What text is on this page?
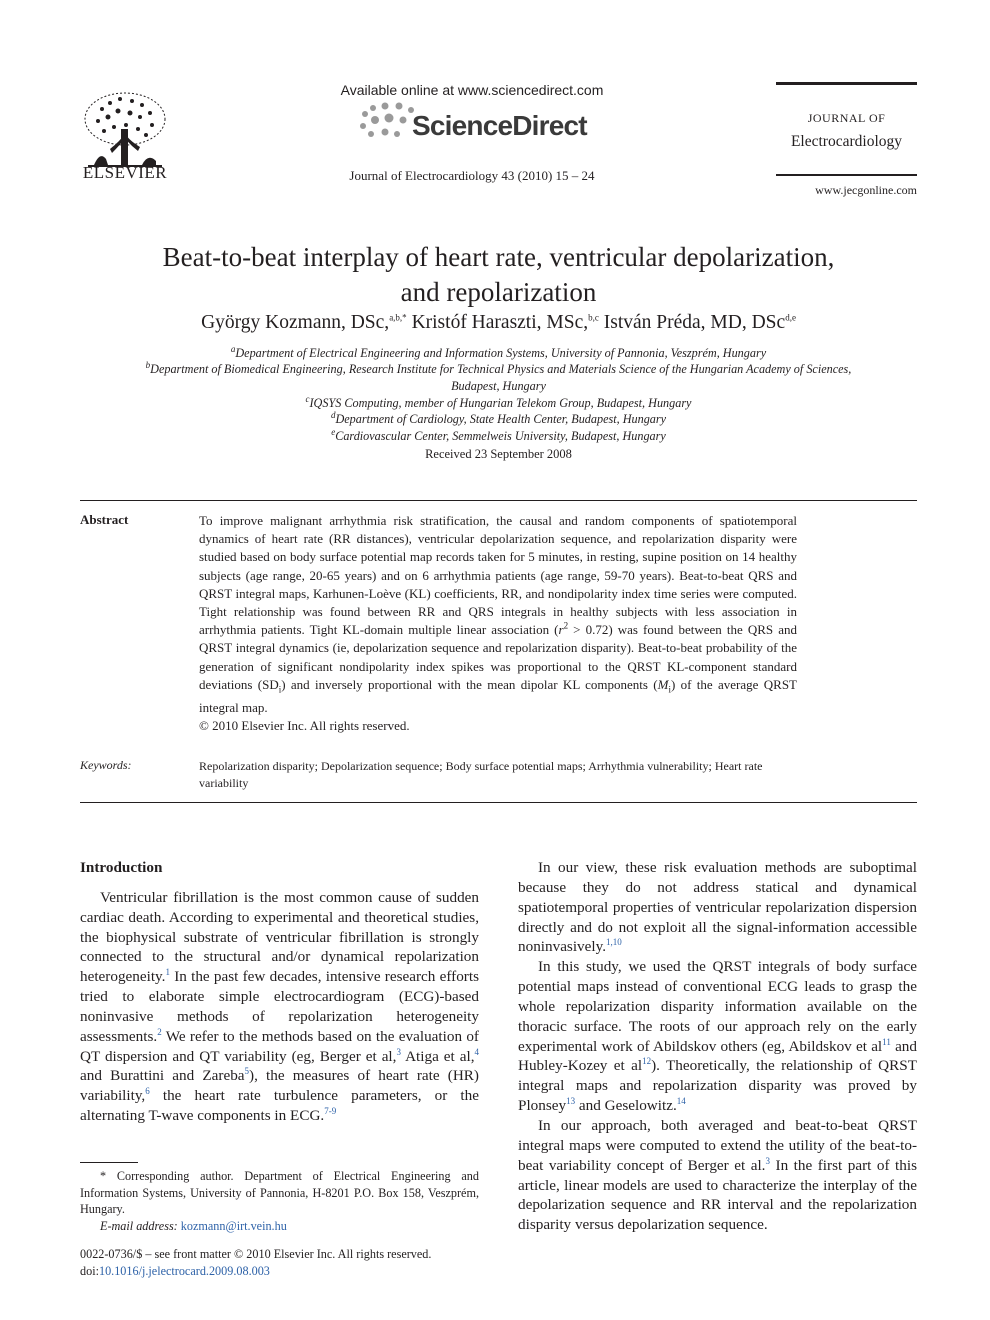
ELSEVIER
Available online at www.sciencedirect.com
ScienceDirect
Journal of Electrocardiology 43 (2010) 15 – 24
JOURNAL OF
Electrocardiology
www.jecgonline.com
Beat-to-beat interplay of heart rate, ventricular depolarization,
and repolarization
György Kozmann, DSc,$^{a,b,*}$ Kristóf Haraszti, MSc,$^{b,c}$ István Préda, MD, DSc$^{d,e}$
$^a$Department of Electrical Engineering and Information Systems, University of Pannonia, Veszprém, Hungary
$^b$Department of Biomedical Engineering, Research Institute for Technical Physics and Materials Science of the Hungarian Academy of Sciences,
Budapest, Hungary
$^c$IQSYS Computing, member of Hungarian Telekom Group, Budapest, Hungary
$^d$Department of Cardiology, State Health Center, Budapest, Hungary
$^e$Cardiovascular Center, Semmelweis University, Budapest, Hungary
Received 23 September 2008
Abstract	To improve malignant arrhythmia risk stratification, the causal and random components of spatiotemporal dynamics of heart rate (RR distances), ventricular depolarization sequence, and repolarization disparity were studied based on body surface potential map records taken for 5 minutes, in resting, supine position on 14 healthy subjects (age range, 20-65 years) and on 6 arrhythmia patients (age range, 59-70 years). Beat-to-beat QRS and QRST integral maps, Karhunen-Loève (KL) coefficients, RR, and nondipolarity index time series were computed. Tight relationship was found between RR and QRS integrals in healthy subjects with less association in arrhythmia patients. Tight KL-domain multiple linear association $(r^2 > 0.72)$ was found between the QRS and QRST integral dynamics (ie, depolarization sequence and repolarization disparity). Beat-to-beat probability of the generation of significant nondipolarity index spikes was proportional to the QRST KL-component standard deviations $(SD_i)$ and inversely proportional with the mean dipolar KL components $(M_i)$ of the average QRST integral map.
© 2010 Elsevier Inc. All rights reserved.
Keywords:	Repolarization disparity; Depolarization sequence; Body surface potential maps; Arrhythmia vulnerability; Heart rate variability
Introduction
Ventricular fibrillation is the most common cause of sudden cardiac death. According to experimental and theoretical studies, the biophysical substrate of ventricular fibrillation is strongly connected to the structural and/or dynamical repolarization heterogeneity.$^1$ In the past few decades, intensive research efforts tried to elaborate simple electrocardiogram (ECG)-based noninvasive methods of repolarization heterogeneity assessments.$^2$ We refer to the methods based on the evaluation of QT dispersion and QT variability (eg, Berger et al,$^3$ Atiga et al,$^4$ and Burattini and Zareba$^5$), the measures of heart rate (HR) variability,$^6$ the heart rate turbulence parameters, or the alternating T-wave components in ECG.$^{7-9}$
* Corresponding author. Department of Electrical Engineering and Information Systems, University of Pannonia, H-8201 P.O. Box 158, Veszprém, Hungary.
E-mail address: kozmann@irt.vein.hu
0022-0736/$ – see front matter © 2010 Elsevier Inc. All rights reserved.
doi:10.1016/j.jelectrocard.2009.08.003
In our view, these risk evaluation methods are suboptimal because they do not address statical and dynamical spatiotemporal properties of ventricular repolarization dispersion directly and do not exploit all the signal-information accessible noninvasively.$^{1,10}$
In this study, we used the QRST integrals of body surface potential maps instead of conventional ECG leads to grasp the whole repolarization disparity information available on the thoracic surface. The roots of our approach rely on the early experimental work of Abildskov others (eg, Abildskov et $al^{11}$ and Hubley-Kozey et $al^{12}$). Theoretically, the relationship of QRST integral maps and repolarization disparity was proved by Plonsey$^{13}$ and Geselowitz.$^{14}$
In our approach, both averaged and beat-to-beat QRST integral maps were computed to extend the utility of the beat-to-beat variability concept of Berger et al.$^3$ In the first part of this article, linear models are used to characterize the interplay of the depolarization sequence and RR interval and the repolarization disparity versus depolarization sequence.
